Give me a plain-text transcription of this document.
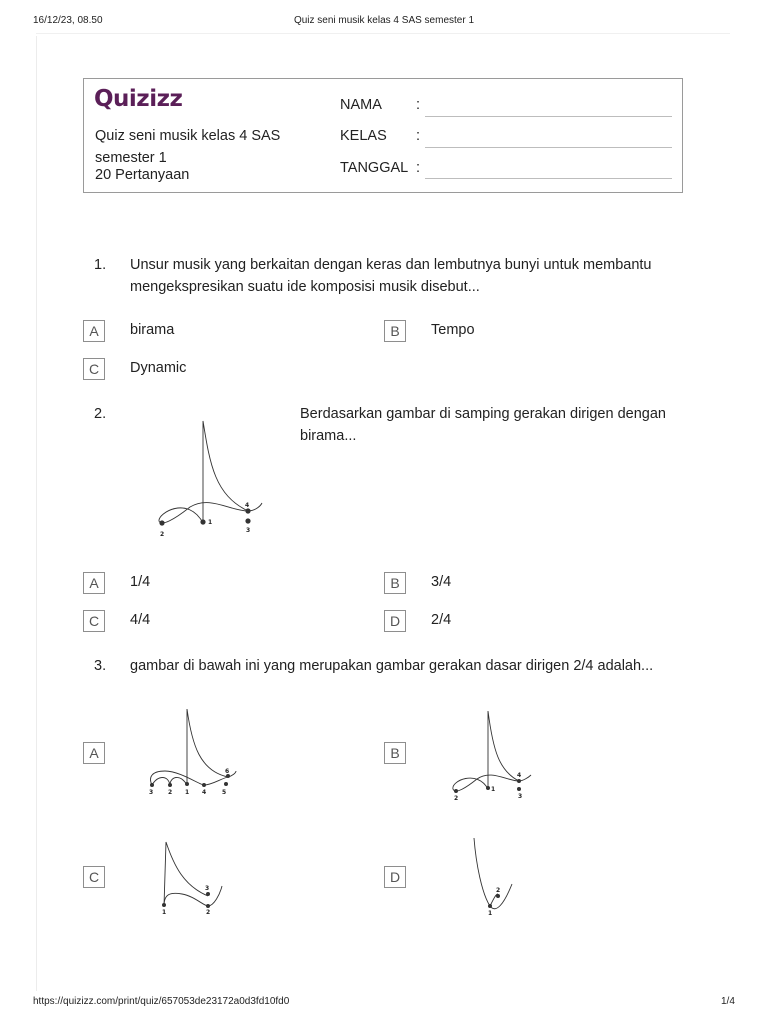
16/12/23, 08.50	Quiz seni musik kelas 4 SAS semester 1
https://quizizz.com/print/quiz/657053de23172a0d3fd10fd0	1/4
Quizizz
Quiz seni musik kelas 4 SAS semester 1
20 Pertanyaan
NAMA :
KELAS :
TANGGAL :
1. Unsur musik yang berkaitan dengan keras dan lembutnya bunyi untuk membantu mengekspresikan suatu ide komposisi musik disebut...
A	birama	B	Tempo
C	Dynamic
2.	Berdasarkan gambar di samping gerakan dirigen dengan birama...
1
2
3
4
A	1/4	B	3/4
C	4/4	D	2/4
3. gambar di bawah ini yang merupakan gambar gerakan dasar dirigen 2/4 adalah...
A
1
2
3	4	5
6
B
1
2	3
4
C
1	2
3
D
1
2
